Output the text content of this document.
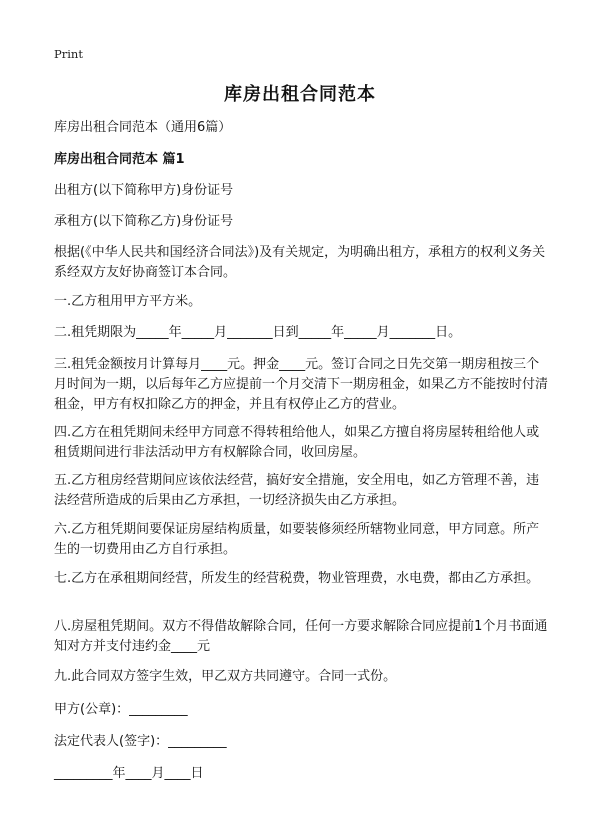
Print
库房出租合同范本

库房出租合同范本（通用6篇）

库房出租合同范本 篇1

出租方(以下简称甲方)身份证号

承租方(以下简称乙方)身份证号

根据(《中华人民共和国经济合同法》)及有关规定，为明确出租方，承租方的权利义务关系经双方友好协商签订本合同。

一.乙方租用甲方平方米。

二.租凭期限为_____年_____月_______日到_____年_____月_______日。

三.租凭金额按月计算每月____元。押金____元。签订合同之日先交第一期房租按三个月时间为一期，以后每年乙方应提前一个月交清下一期房租金，如果乙方不能按时付清租金，甲方有权扣除乙方的押金，并且有权停止乙方的营业。

四.乙方在租凭期间未经甲方同意不得转租给他人，如果乙方擅自将房屋转租给他人或租赁期间进行非法活动甲方有权解除合同，收回房屋。

五.乙方租房经营期间应该依法经营，搞好安全措施，安全用电，如乙方管理不善，违法经营所造成的后果由乙方承担，一切经济损失由乙方承担。

六.乙方租凭期间要保证房屋结构质量，如要装修须经所辖物业同意，甲方同意。所产生的一切费用由乙方自行承担。

七.乙方在承租期间经营，所发生的经营税费，物业管理费，水电费，都由乙方承担。

八.房屋租凭期间。双方不得借故解除合同，任何一方要求解除合同应提前1个月书面通知对方并支付违约金____元

九.此合同双方签字生效，甲乙双方共同遵守。合同一式份。

甲方(公章)：_________

法定代表人(签字)：_________

_________年____月____日
